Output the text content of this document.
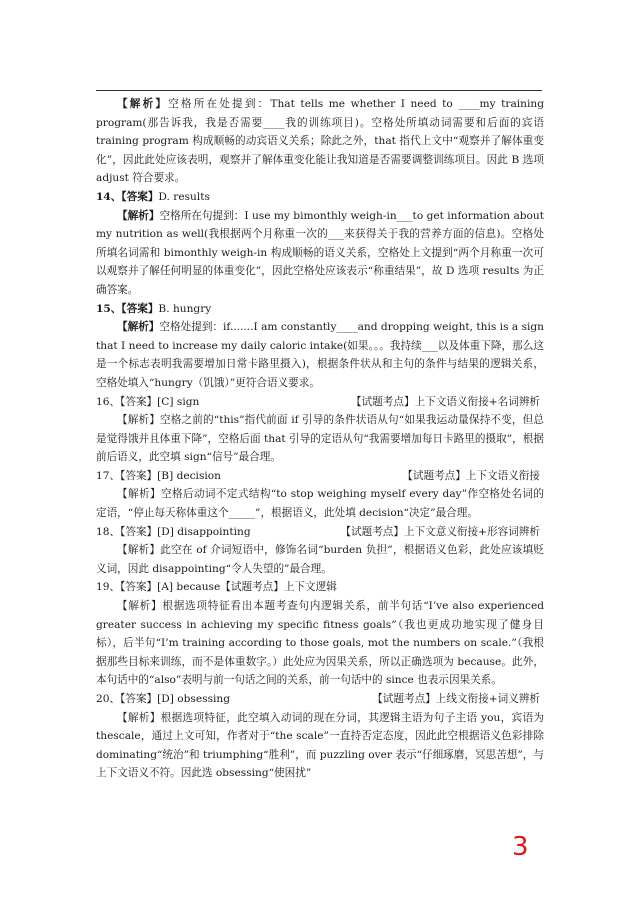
【解析】空格所在处提到：That tells me whether I need to ____my training program(那告诉我，我是否需要____我的训练项目)。空格处所填动词需要和后面的宾语 training program 构成顺畅的动宾语义关系；除此之外，that 指代上文中“观察并了解体重变化”，因此此处应该表明，观察并了解体重变化能让我知道是否需要调整训练项目。因此 B 选项 adjust 符合要求。

14、【答案】D. results

【解析】空格所在句提到：I use my bimonthly weigh-in___to get information about my nutrition as well(我根据两个月称重一次的___来获得关于我的营养方面的信息)。空格处所填名词需和 bimonthly weigh-in 构成顺畅的语义关系，空格处上文提到“两个月称重一次可以观察并了解任何明显的体重变化”，因此空格处应该表示“称重结果”，故 D 选项 results 为正确答案。

15、【答案】B. hungry

【解析】空格处提到：if.......I am constantly____and dropping weight, this is a sign that I need to increase my daily caloric intake(如果。。。我持续___以及体重下降，那么这是一个标志表明我需要增加日常卡路里摄入)，根据条件状从和主句的条件与结果的逻辑关系，空格处填入“hungry（饥饿）”更符合语义要求。

16、【答案】[C] sign	【试题考点】上下文语义衔接+名词辨析

【解析】空格之前的“this”指代前面 if 引导的条件状语从句“如果我运动量保持不变，但总是觉得饿并且体重下降”，空格后面 that 引导的定语从句“我需要增加每日卡路里的摄取”，根据前后语义，此空填 sign“信号”最合理。

17、【答案】[B] decision	【试题考点】上下文语义衔接

【解析】空格后动词不定式结构“to stop weighing myself every day”作空格处名词的定语，“停止每天称体重这个_____”，根据语义，此处填 decision“决定”最合理。

18、【答案】[D] disappointing	【试题考点】上下文意义衔接+形容词辨析

【解析】此空在 of 介词短语中，修饰名词“burden 负担”，根据语义色彩，此处应该填贬义词，因此 disappointing“令人失望的”最合理。

19、【答案】[A] because【试题考点】上下文逻辑

【解析】根据选项特征看出本题考查句内逻辑关系，前半句话“I’ve also experienced greater success in achieving my specific fitness goals”（我也更成功地实现了健身目标），后半句“I’m training according to those goals, mot the numbers on scale.”（我根据那些目标来训练，而不是体重数字。）此处应为因果关系，所以正确选项为 because。此外，本句话中的“also”表明与前一句话之间的关系，前一句话中的 since 也表示因果关系。

20、【答案】[D] obsessing	【试题考点】上线文衔接+词义辨析

【解析】根据选项特征，此空填入动词的现在分词，其逻辑主语为句子主语 you，宾语为thescale，通过上文可知，作者对于“the scale”一直持否定态度，因此此空根据语义色彩排除 dominating“统治”和 triumphing“胜利”，而 puzzling over 表示“仔细琢磨，冥思苦想”，与上下文语义不符。因此选 obsessing“使困扰”

3
